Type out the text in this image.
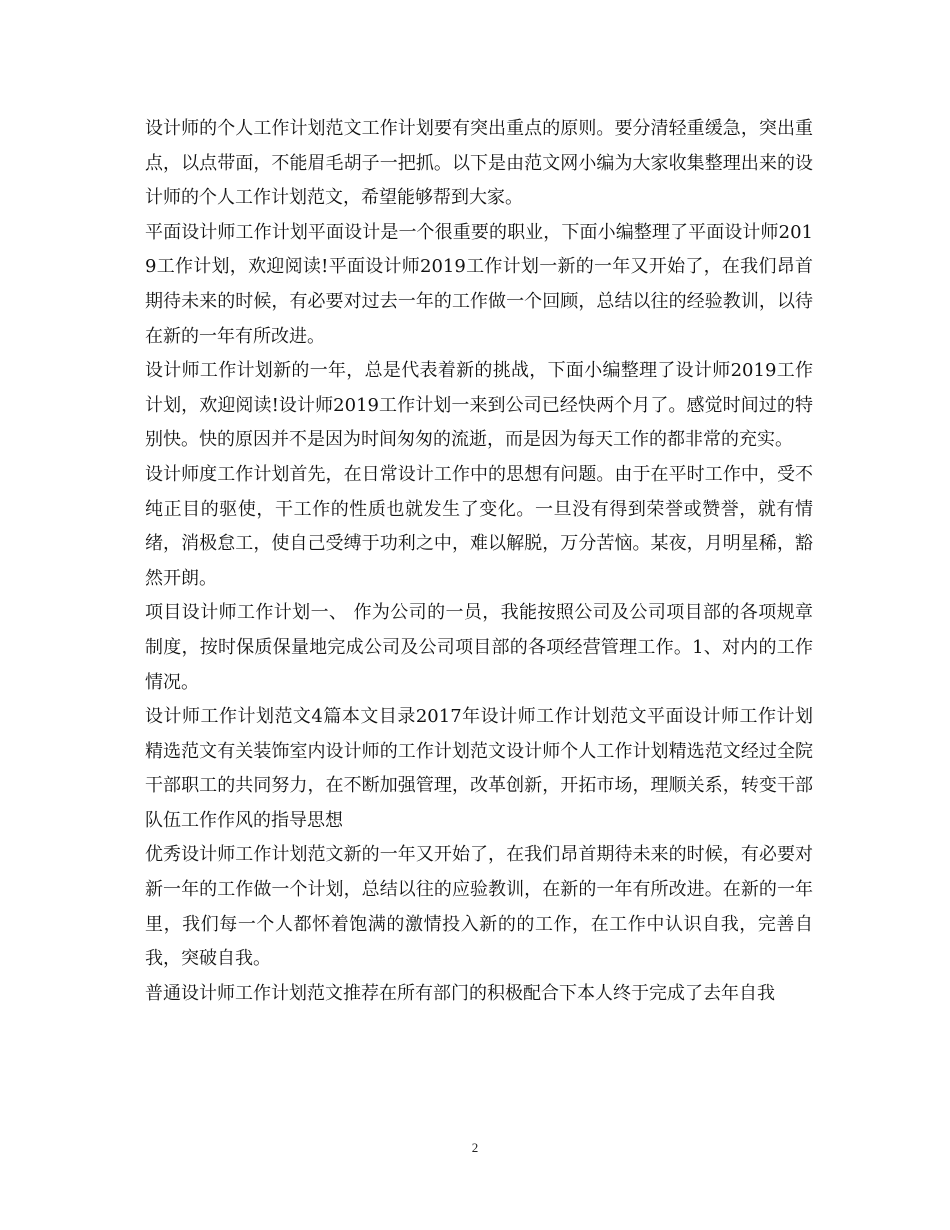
设计师的个人工作计划范文工作计划要有突出重点的原则。要分清轻重缓急，突出重点，以点带面，不能眉毛胡子一把抓。以下是由范文网小编为大家收集整理出来的设计师的个人工作计划范文，希望能够帮到大家。

平面设计师工作计划平面设计是一个很重要的职业，下面小编整理了平面设计师2019工作计划，欢迎阅读!平面设计师2019工作计划一新的一年又开始了，在我们昂首期待未来的时候，有必要对过去一年的工作做一个回顾，总结以往的经验教训，以待在新的一年有所改进。

设计师工作计划新的一年，总是代表着新的挑战，下面小编整理了设计师2019工作计划，欢迎阅读!设计师2019工作计划一来到公司已经快两个月了。感觉时间过的特别快。快的原因并不是因为时间匆匆的流逝，而是因为每天工作的都非常的充实。

设计师度工作计划首先，在日常设计工作中的思想有问题。由于在平时工作中，受不纯正目的驱使，干工作的性质也就发生了变化。一旦没有得到荣誉或赞誉，就有情绪，消极怠工，使自己受缚于功利之中，难以解脱，万分苦恼。某夜，月明星稀，豁然开朗。

项目设计师工作计划一、 作为公司的一员，我能按照公司及公司项目部的各项规章制度，按时保质保量地完成公司及公司项目部的各项经营管理工作。1、对内的工作情况。

设计师工作计划范文4篇本文目录2017年设计师工作计划范文平面设计师工作计划精选范文有关装饰室内设计师的工作计划范文设计师个人工作计划精选范文经过全院干部职工的共同努力，在不断加强管理，改革创新，开拓市场，理顺关系，转变干部队伍工作作风的指导思想

优秀设计师工作计划范文新的一年又开始了，在我们昂首期待未来的时候，有必要对新一年的工作做一个计划，总结以往的应验教训，在新的一年有所改进。在新的一年里，我们每一个人都怀着饱满的激情投入新的的工作，在工作中认识自我，完善自我，突破自我。

普通设计师工作计划范文推荐在所有部门的积极配合下本人终于完成了去年自我

2
